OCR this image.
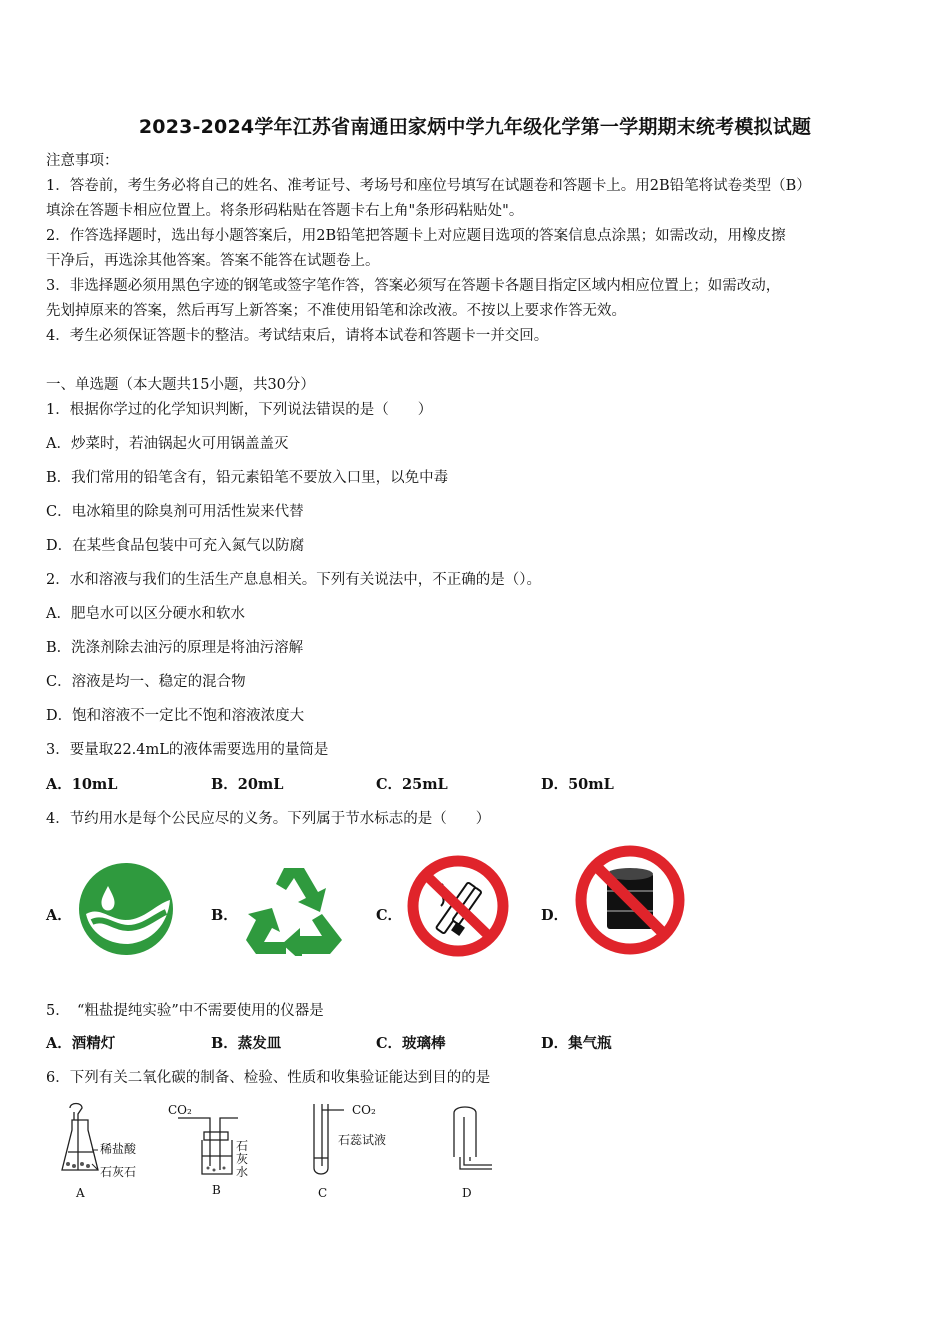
2023-2024学年江苏省南通田家炳中学九年级化学第一学期期末统考模拟试题
注意事项：
1．答卷前，考生务必将自己的姓名、准考证号、考场号和座位号填写在试题卷和答题卡上。用2B铅笔将试卷类型（B）
填涂在答题卡相应位置上。将条形码粘贴在答题卡右上角"条形码粘贴处"。
2．作答选择题时，选出每小题答案后，用2B铅笔把答题卡上对应题目选项的答案信息点涂黑；如需改动，用橡皮擦
干净后，再选涂其他答案。答案不能答在试题卷上。
3．非选择题必须用黑色字迹的钢笔或签字笔作答，答案必须写在答题卡各题目指定区域内相应位置上；如需改动，
先划掉原来的答案，然后再写上新答案；不准使用铅笔和涂改液。不按以上要求作答无效。
4．考生必须保证答题卡的整洁。考试结束后，请将本试卷和答题卡一并交回。
一、单选题（本大题共15小题，共30分）
1．根据你学过的化学知识判断，下列说法错误的是（　　）
A．炒菜时，若油锅起火可用锅盖盖灭
B．我们常用的铅笔含有，铅元素铅笔不要放入口里，以免中毒
C．电冰箱里的除臭剂可用活性炭来代替
D．在某些食品包装中可充入氮气以防腐
2．水和溶液与我们的生活生产息息相关。下列有关说法中，不正确的是（）。
A．肥皂水可以区分硬水和软水
B．洗涤剂除去油污的原理是将油污溶解
C．溶液是均一、稳定的混合物
D．饱和溶液不一定比不饱和溶液浓度大
3．要量取22.4mL的液体需要选用的量筒是
A．10mL	B．20mL	C．25mL	D．50mL
4．节约用水是每个公民应尽的义务。下列属于节水标志的是（　　）
A．	B．	C．	D．
5．　“粗盐提纯实验”中不需要使用的仪器是
A．酒精灯	B．蒸发皿	C．玻璃棒	D．集气瓶
6．下列有关二氧化碳的制备、检验、性质和收集验证能达到目的的是
稀盐酸
石灰石
A
CO₂
石灰水
B
CO₂
石蕊试液
C	D
